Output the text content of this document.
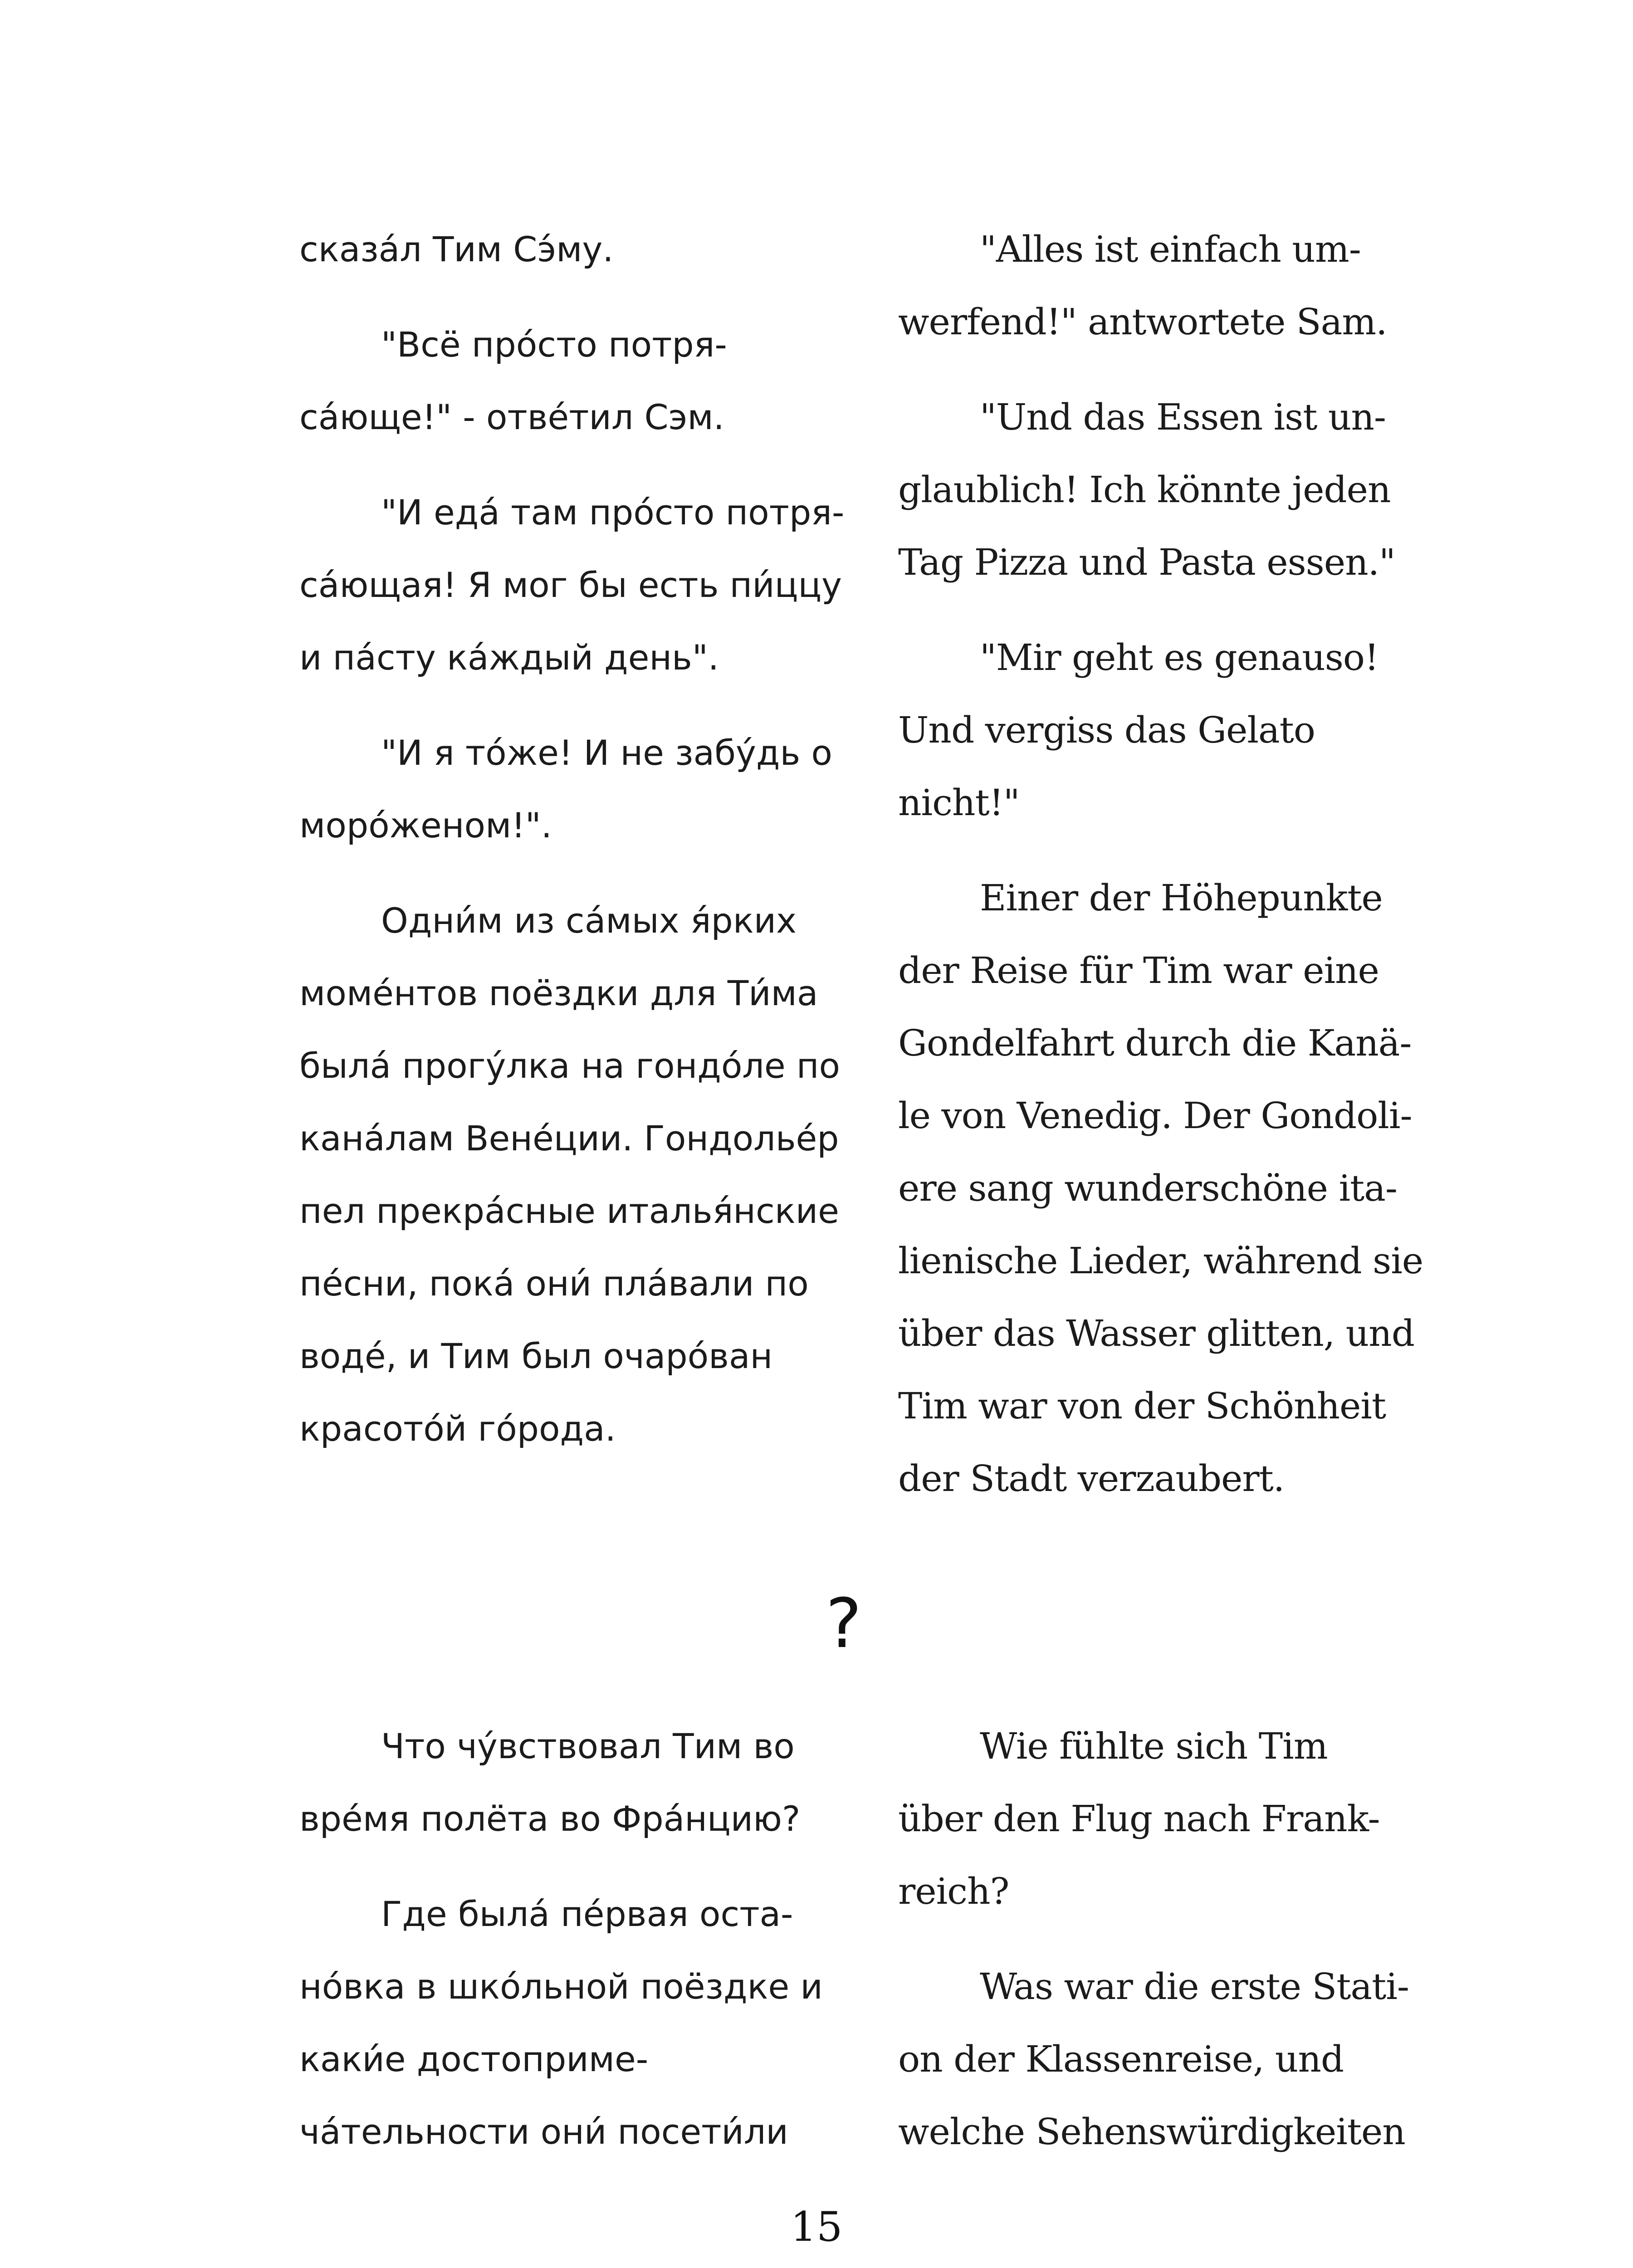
сказа́л Тим Сэ́му.
"Всё про́сто потря-
са́юще!" - отве́тил Сэм.
"И еда́ там про́сто потря-
са́ющая! Я мог бы есть пи́ццу
и па́сту ка́ждый день".
"И я то́же! И не забу́дь о
моро́женом!".
Одни́м из са́мых я́рких
моме́нтов поёздки для Ти́ма
была́ прогу́лка на гондо́ле по
кана́лам Вене́ции. Гондолье́р
пел прекра́сные италья́нские
пе́сни, пока́ они́ пла́вали по
воде́, и Тим был очаро́ван
красото́й го́рода.
"Alles ist einfach um-
werfend!" antwortete Sam.
"Und das Essen ist un-
glaublich! Ich könnte jeden
Tag Pizza und Pasta essen."
"Mir geht es genauso!
Und vergiss das Gelato
nicht!"
Einer der Höhepunkte
der Reise für Tim war eine
Gondelfahrt durch die Kanä-
le von Venedig. Der Gondoli-
ere sang wunderschöne ita-
lienische Lieder, während sie
über das Wasser glitten, und
Tim war von der Schönheit
der Stadt verzaubert.
?
Что чу́вствовал Тим во
вре́мя полёта во Фра́нцию?
Где была́ пе́рвая оста-
но́вка в шко́льной поёздке и
каки́е достоприме-
ча́тельности они́ посети́ли
Wie fühlte sich Tim
über den Flug nach Frank-
reich?
Was war die erste Stati-
on der Klassenreise, und
welche Sehenswürdigkeiten
15
